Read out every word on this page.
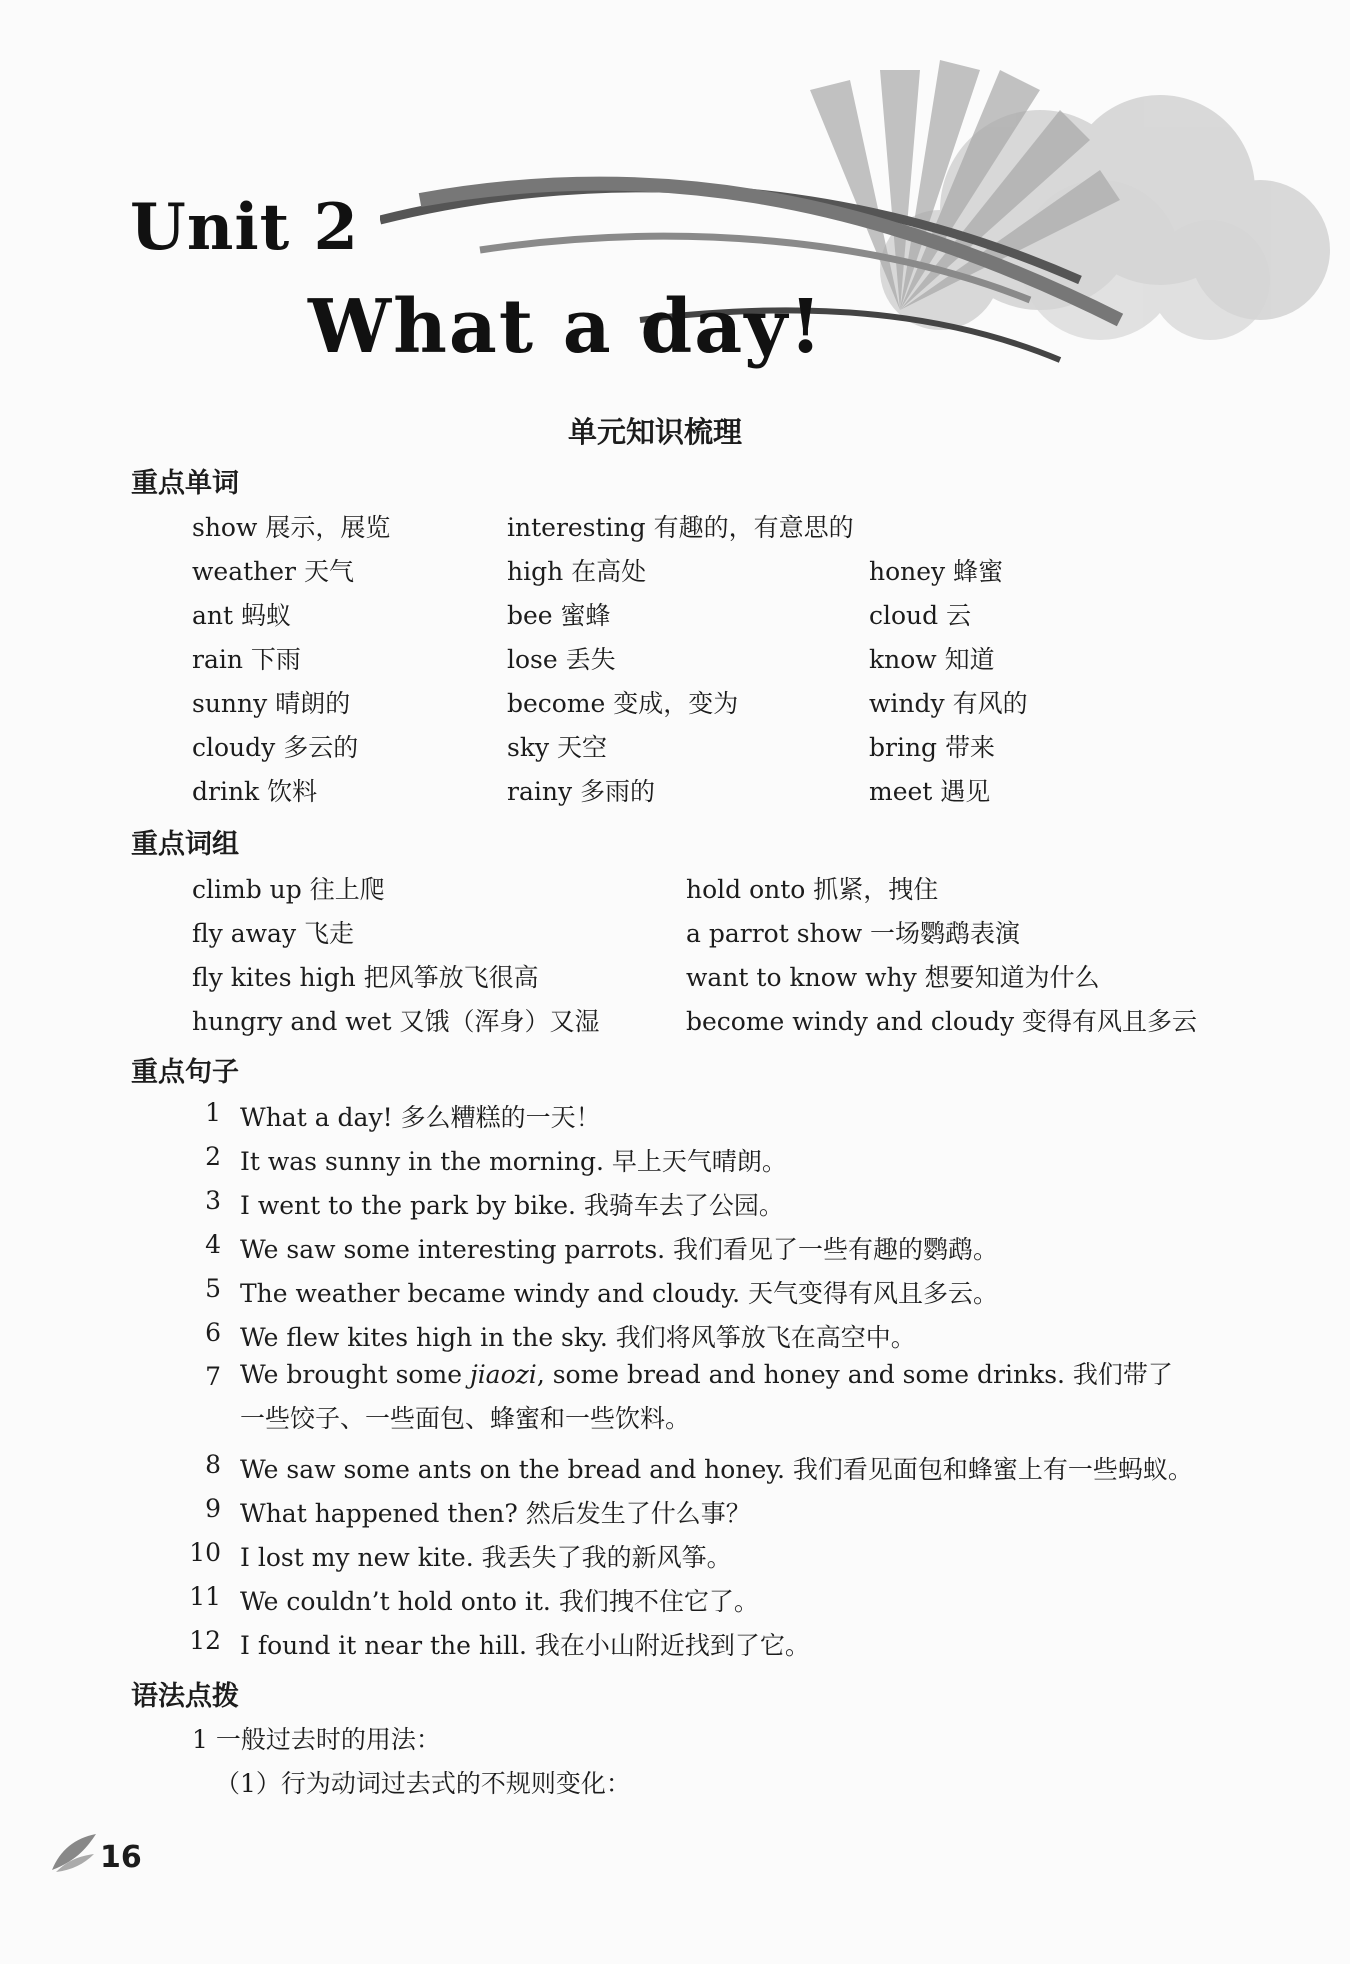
Unit 2
What a day!
单元知识梳理
重点单词
show 展示，展览
weather 天气
ant 蚂蚁
rain 下雨
sunny 晴朗的
cloudy 多云的
drink 饮料
interesting 有趣的，有意思的
high 在高处
bee 蜜蜂
lose 丢失
become 变成，变为
sky 天空
rainy 多雨的
honey 蜂蜜
cloud 云
know 知道
windy 有风的
bring 带来
meet 遇见
重点词组
climb up 往上爬
fly away 飞走
fly kites high 把风筝放飞很高
hungry and wet 又饿（浑身）又湿
hold onto 抓紧，拽住
a parrot show 一场鹦鹉表演
want to know why 想要知道为什么
become windy and cloudy 变得有风且多云
重点句子
1 What a day! 多么糟糕的一天！
2 It was sunny in the morning. 早上天气晴朗。
3 I went to the park by bike. 我骑车去了公园。
4 We saw some interesting parrots. 我们看见了一些有趣的鹦鹉。
5 The weather became windy and cloudy. 天气变得有风且多云。
6 We flew kites high in the sky. 我们将风筝放飞在高空中。
7 We brought some jiaozi, some bread and honey and some drinks. 我们带了一些饺子、一些面包、蜂蜜和一些饮料。
8 We saw some ants on the bread and honey. 我们看见面包和蜂蜜上有一些蚂蚁。
9 What happened then? 然后发生了什么事？
10 I lost my new kite. 我丢失了我的新风筝。
11 We couldn’t hold onto it. 我们拽不住它了。
12 I found it near the hill. 我在小山附近找到了它。
语法点拨
1 一般过去时的用法：
（1）行为动词过去式的不规则变化：
16
